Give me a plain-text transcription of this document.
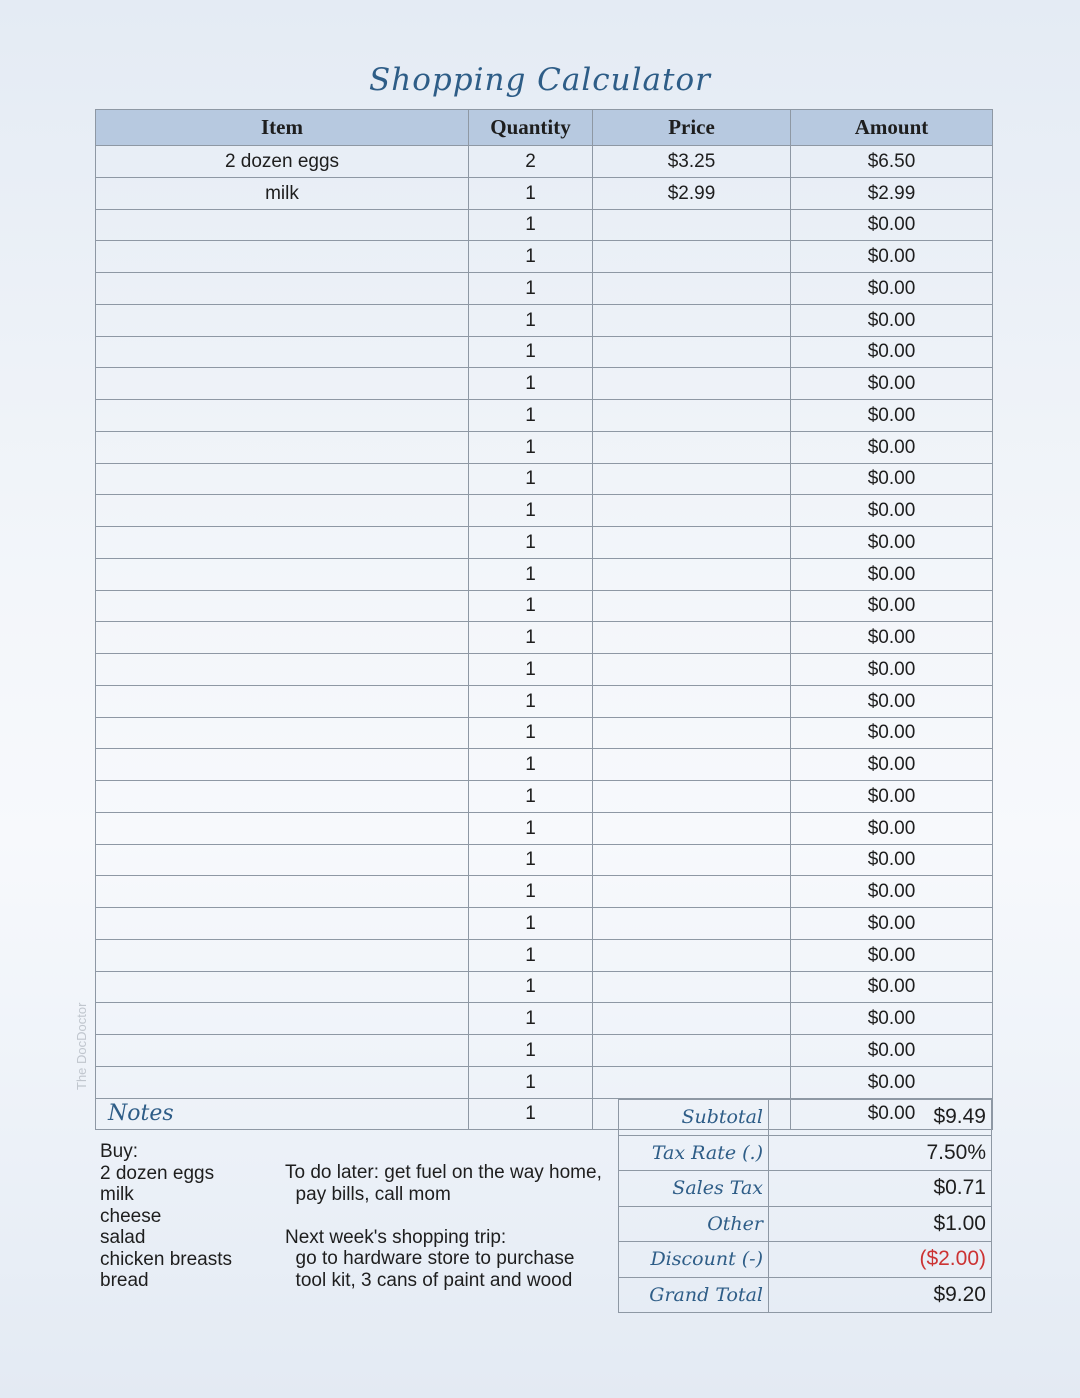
Shopping Calculator
Item	Quantity	Price	Amount
2 dozen eggs	2	$3.25	$6.50
milk	1	$2.99	$2.99
	1		$0.00
	1		$0.00
	1		$0.00
	1		$0.00
	1		$0.00
	1		$0.00
	1		$0.00
	1		$0.00
	1		$0.00
	1		$0.00
	1		$0.00
	1		$0.00
	1		$0.00
	1		$0.00
	1		$0.00
	1		$0.00
	1		$0.00
	1		$0.00
	1		$0.00
	1		$0.00
	1		$0.00
	1		$0.00
	1		$0.00
	1		$0.00
	1		$0.00
	1		$0.00
	1		$0.00
	1		$0.00
	1		$0.00
The DocDoctor
Notes
Buy:
2 dozen eggs
milk
cheese
salad
chicken breasts
bread
To do later: get fuel on the way home,
pay bills, call mom

Next week's shopping trip:
go to hardware store to purchase
tool kit, 3 cans of paint and wood
Subtotal	$9.49
Tax Rate (.)	7.50%
Sales Tax	$0.71
Other	$1.00
Discount (-)	($2.00)
Grand Total	$9.20
